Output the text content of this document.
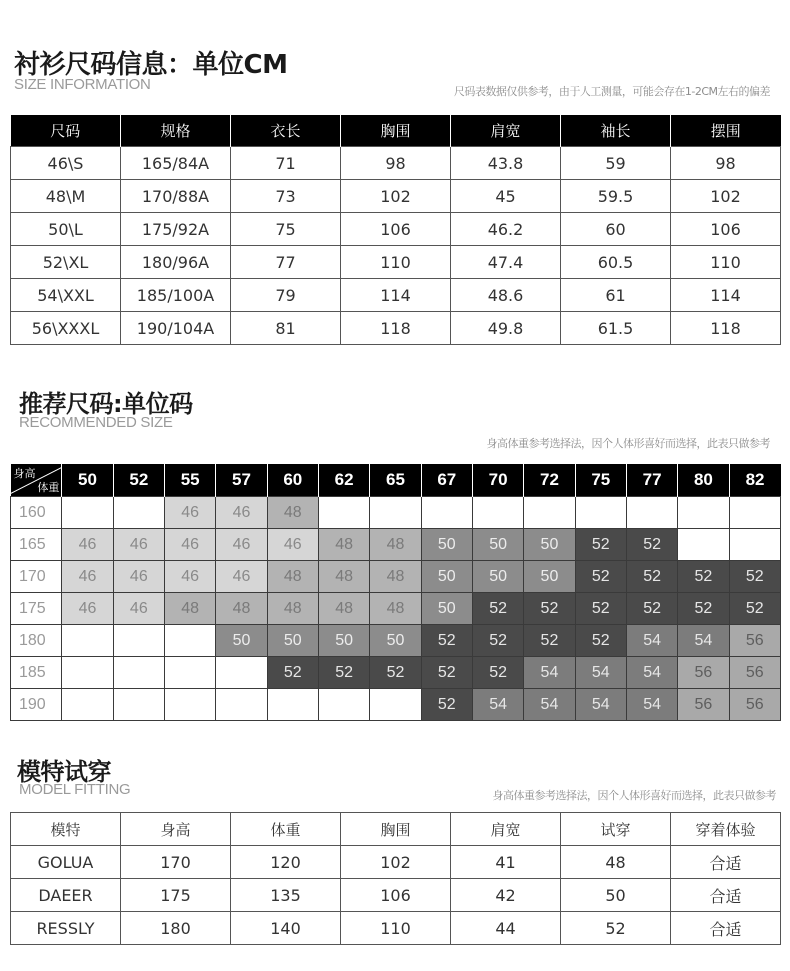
衬衫尺码信息：单位CM
SIZE INFORMATION	尺码表数据仅供参考，由于人工测量，可能会存在1-2CM左右的偏差
尺码	规格	衣长	胸围	肩宽	袖长	摆围
46\S	165/84A	71	98	43.8	59	98
48\M	170/88A	73	102	45	59.5	102
50\L	175/92A	75	106	46.2	60	106
52\XL	180/96A	77	110	47.4	60.5	110
54\XXL	185/100A	79	114	48.6	61	114
56\XXXL	190/104A	81	118	49.8	61.5	118
推荐尺码:单位码
RECOMMENDED SIZE
身高体重参考选择法，因个人体形喜好而选择，此表只做参考
身高
体重	50	52	55	57	60	62	65	67	70	72	75	77	80	82
160			46	46	48									
165	46	46	46	46	46	48	48	50	50	50	52	52		
170	46	46	46	46	48	48	48	50	50	50	52	52	52	52
175	46	46	48	48	48	48	48	50	52	52	52	52	52	52
180				50	50	50	50	52	52	52	52	54	54	56
185					52	52	52	52	52	54	54	54	56	56
190								52	54	54	54	54	56	56
模特试穿
MODEL FITTING	身高体重参考选择法，因个人体形喜好而选择，此表只做参考
模特	身高	体重	胸围	肩宽	试穿	穿着体验
GOLUA	170	120	102	41	48	合适
DAEER	175	135	106	42	50	合适
RESSLY	180	140	110	44	52	合适
